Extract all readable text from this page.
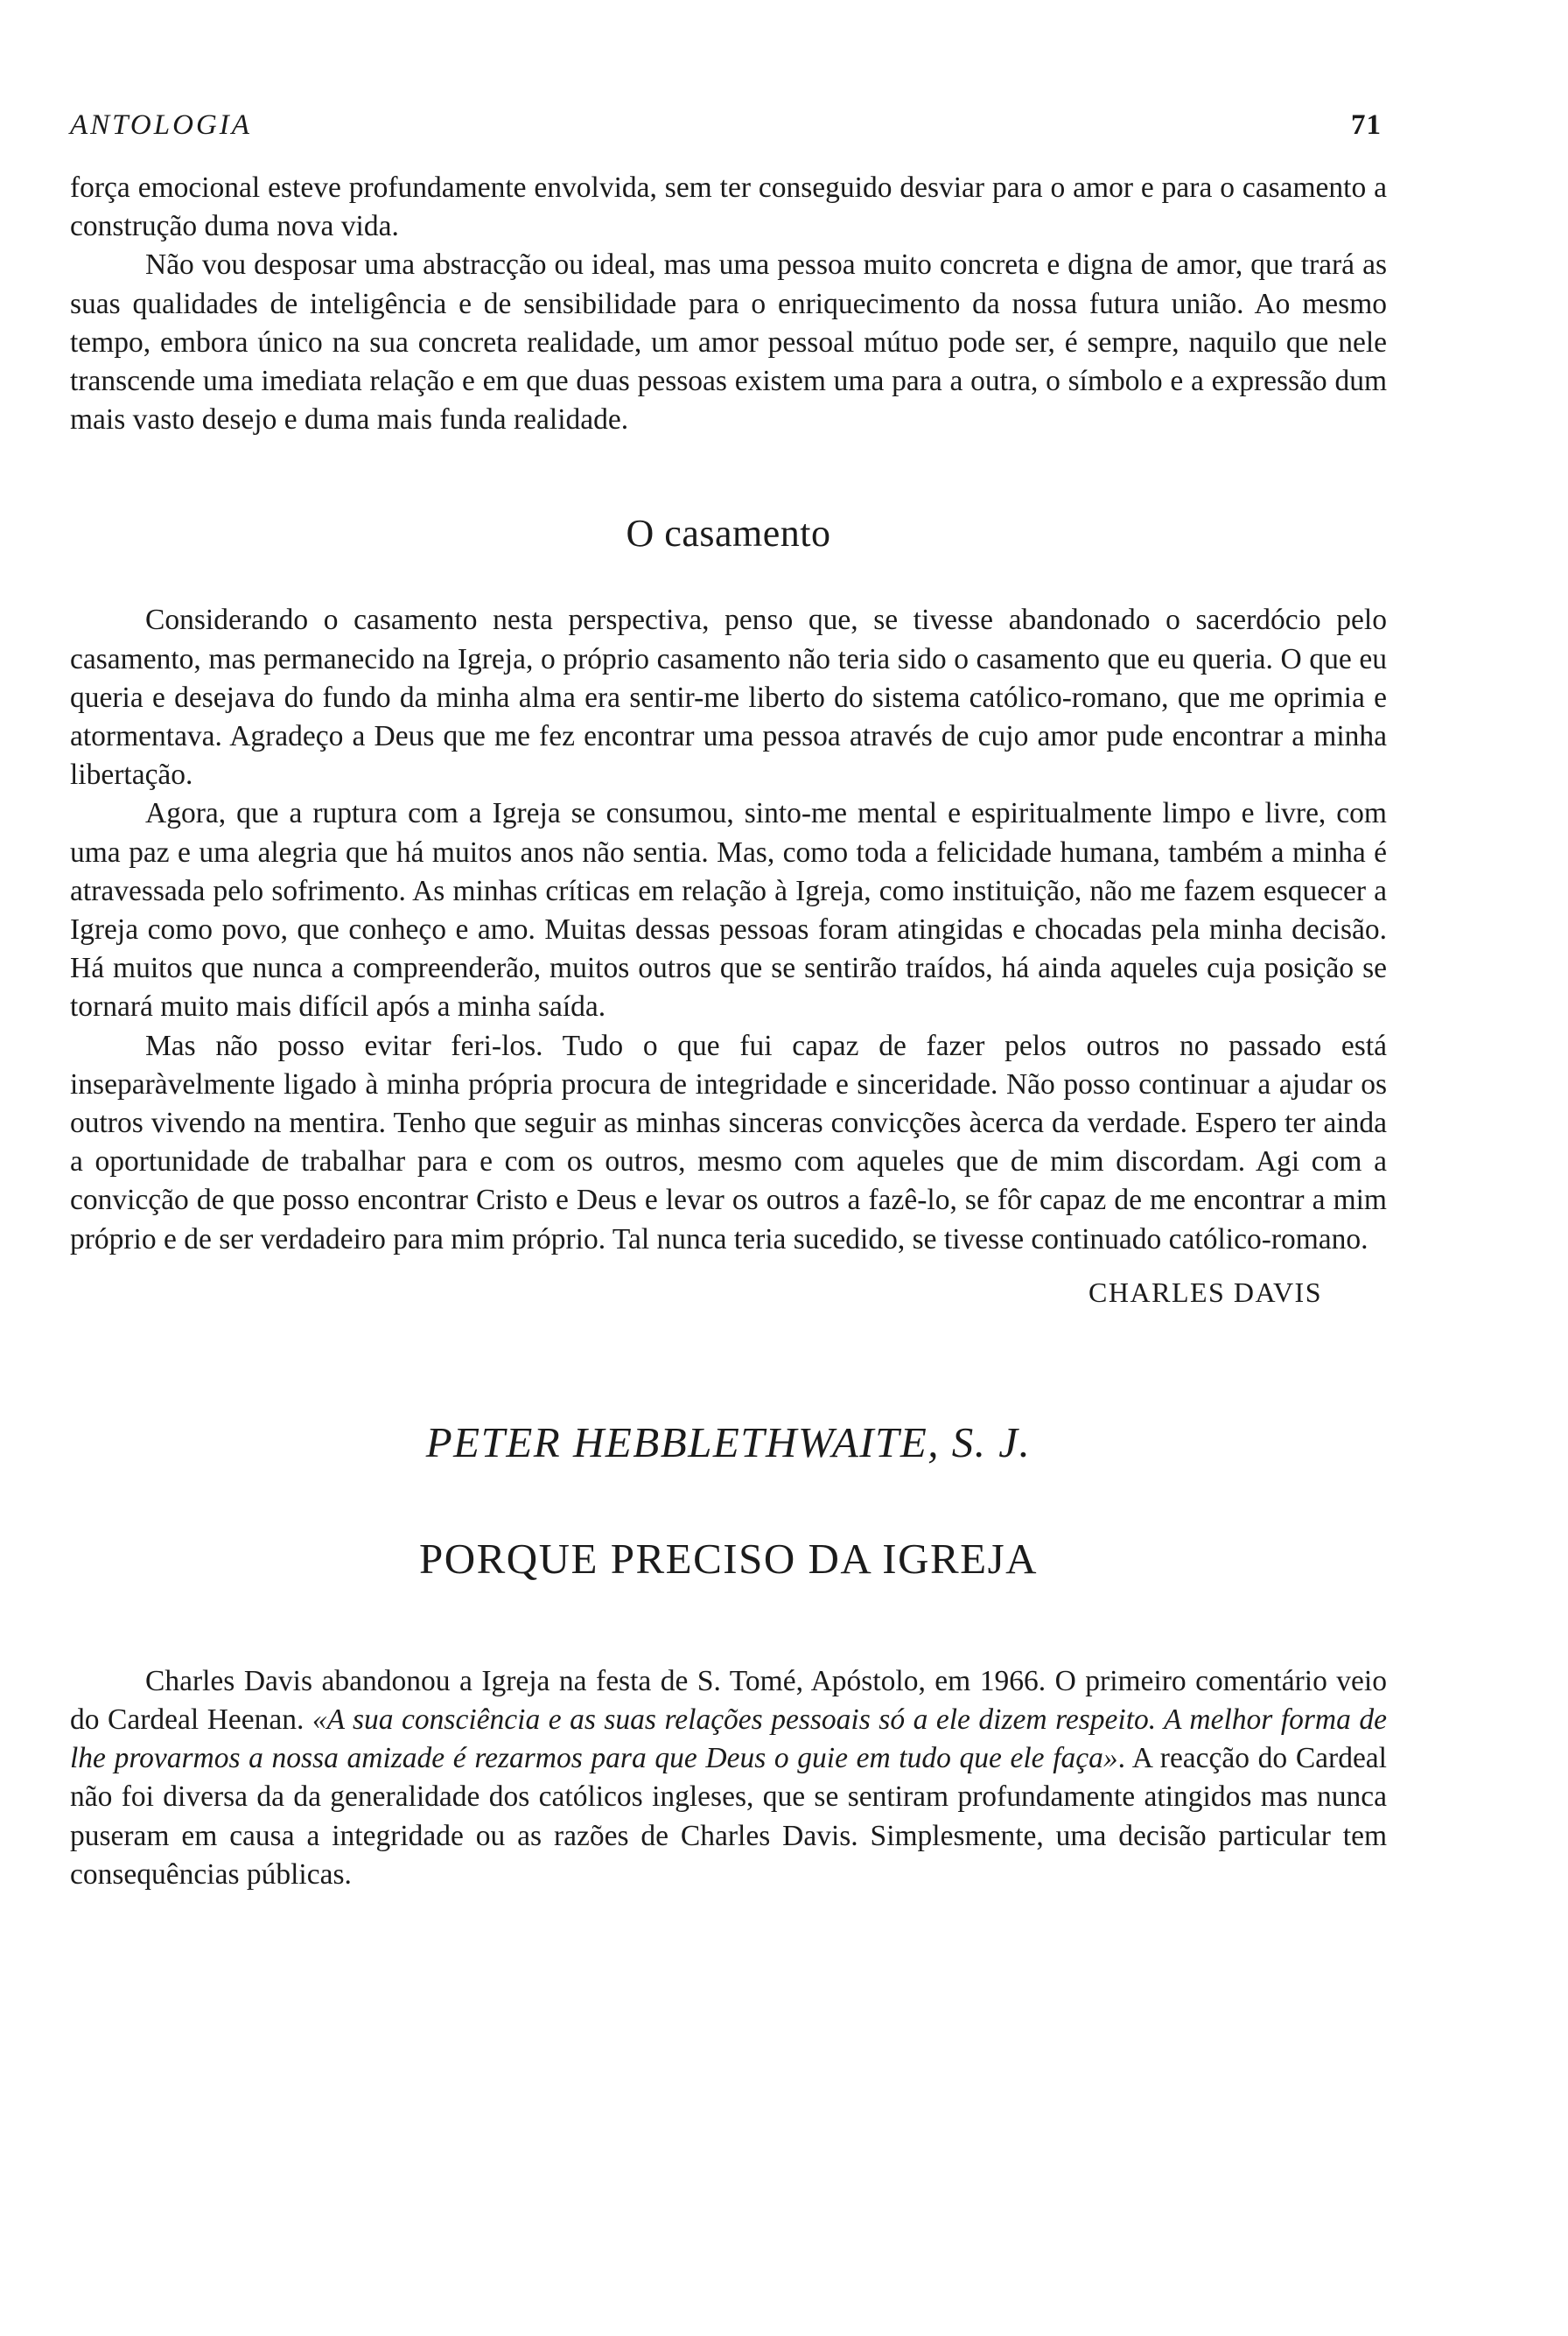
ANTOLOGIA	71

força emocional esteve profundamente envolvida, sem ter conseguido desviar para o amor e para o casamento a construção duma nova vida.

Não vou desposar uma abstracção ou ideal, mas uma pessoa muito concreta e digna de amor, que trará as suas qualidades de inteligência e de sensibilidade para o enriquecimento da nossa futura união. Ao mesmo tempo, embora único na sua concreta realidade, um amor pessoal mútuo pode ser, é sempre, naquilo que nele transcende uma imediata relação e em que duas pessoas existem uma para a outra, o símbolo e a expressão dum mais vasto desejo e duma mais funda realidade.

O casamento

Considerando o casamento nesta perspectiva, penso que, se tivesse abandonado o sacerdócio pelo casamento, mas permanecido na Igreja, o próprio casamento não teria sido o casamento que eu queria. O que eu queria e desejava do fundo da minha alma era sentir-me liberto do sistema católico-romano, que me oprimia e atormentava. Agradeço a Deus que me fez encontrar uma pessoa através de cujo amor pude encontrar a minha libertação.

Agora, que a ruptura com a Igreja se consumou, sinto-me mental e espiritualmente limpo e livre, com uma paz e uma alegria que há muitos anos não sentia. Mas, como toda a felicidade humana, também a minha é atravessada pelo sofrimento. As minhas críticas em relação à Igreja, como instituição, não me fazem esquecer a Igreja como povo, que conheço e amo. Muitas dessas pessoas foram atingidas e chocadas pela minha decisão. Há muitos que nunca a compreenderão, muitos outros que se sentirão traídos, há ainda aqueles cuja posição se tornará muito mais difícil após a minha saída.

Mas não posso evitar feri-los. Tudo o que fui capaz de fazer pelos outros no passado está inseparàvelmente ligado à minha própria procura de integridade e sinceridade. Não posso continuar a ajudar os outros vivendo na mentira. Tenho que seguir as minhas sinceras convicções àcerca da verdade. Espero ter ainda a oportunidade de trabalhar para e com os outros, mesmo com aqueles que de mim discordam. Agi com a convicção de que posso encontrar Cristo e Deus e levar os outros a fazê-lo, se fôr capaz de me encontrar a mim próprio e de ser verdadeiro para mim próprio. Tal nunca teria sucedido, se tivesse continuado católico-romano.

CHARLES DAVIS
PETER HEBBLETHWAITE, S. J.
PORQUE PRECISO DA IGREJA

Charles Davis abandonou a Igreja na festa de S. Tomé, Apóstolo, em 1966. O primeiro comentário veio do Cardeal Heenan. «A sua consciência e as suas relações pessoais só a ele dizem respeito. A melhor forma de lhe provarmos a nossa amizade é rezarmos para que Deus o guie em tudo que ele faça». A reacção do Cardeal não foi diversa da da generalidade dos católicos ingleses, que se sentiram profundamente atingidos mas nunca puseram em causa a integridade ou as razões de Charles Davis. Simplesmente, uma decisão particular tem consequências públicas.
